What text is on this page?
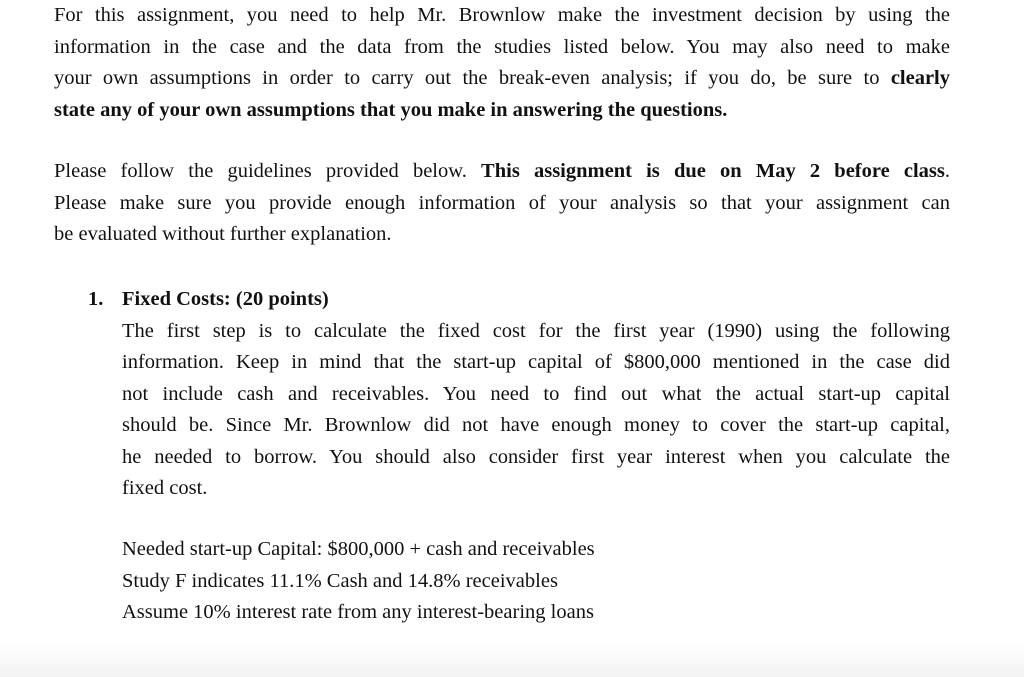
For this assignment, you need to help Mr. Brownlow make the investment decision by using the
information in the case and the data from the studies listed below. You may also need to make
your own assumptions in order to carry out the break-even analysis; if you do, be sure to clearly
state any of your own assumptions that you make in answering the questions.
Please follow the guidelines provided below. This assignment is due on May 2 before class.
Please make sure you provide enough information of your analysis so that your assignment can
be evaluated without further explanation.
1. Fixed Costs: (20 points)
The first step is to calculate the fixed cost for the first year (1990) using the following
information. Keep in mind that the start-up capital of $800,000 mentioned in the case did
not include cash and receivables. You need to find out what the actual start-up capital
should be. Since Mr. Brownlow did not have enough money to cover the start-up capital,
he needed to borrow. You should also consider first year interest when you calculate the
fixed cost.
Needed start-up Capital: $800,000 + cash and receivables
Study F indicates 11.1% Cash and 14.8% receivables
Assume 10% interest rate from any interest-bearing loans
